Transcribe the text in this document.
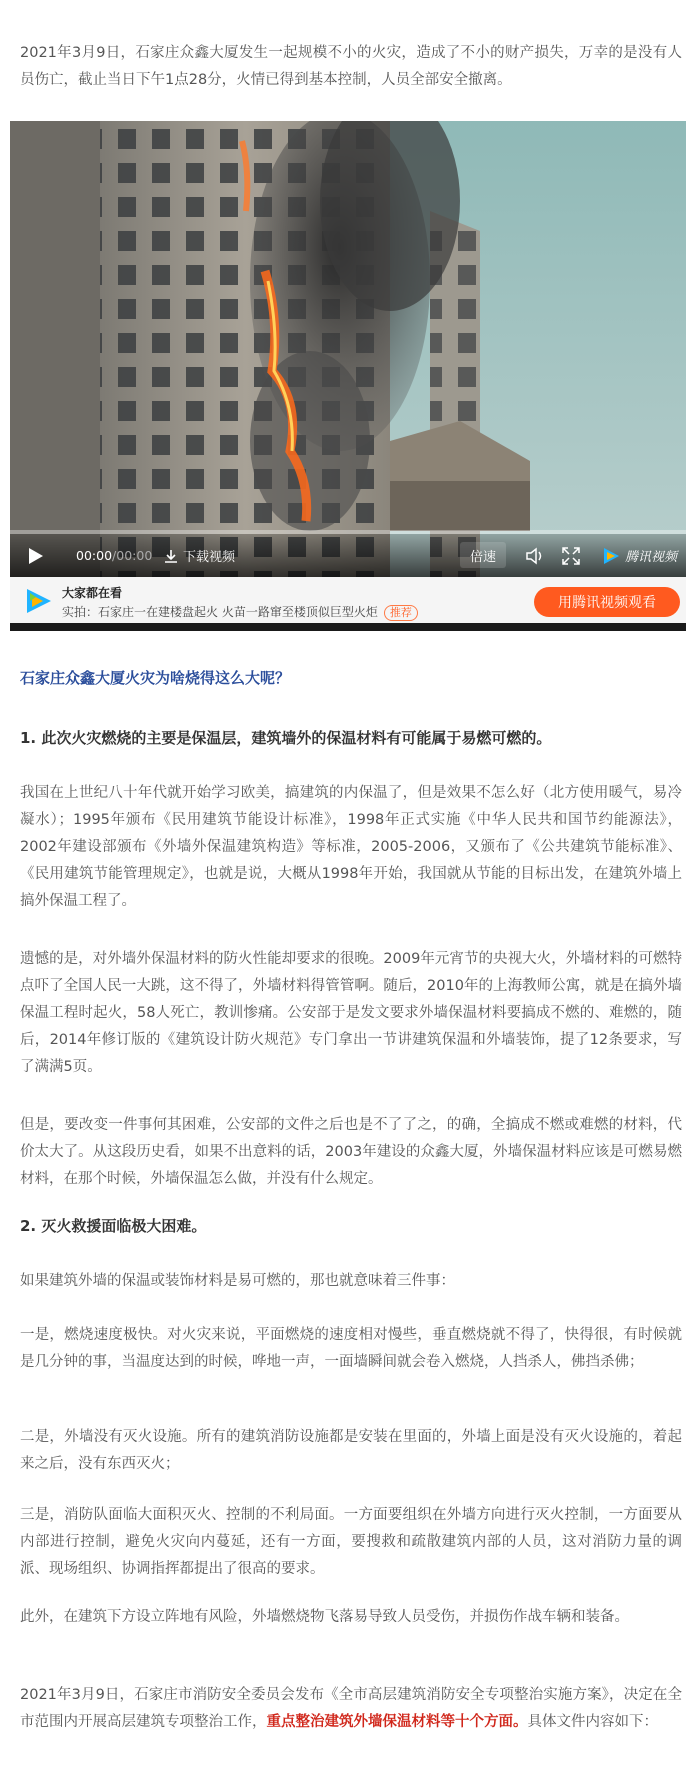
2021年3月9日，石家庄众鑫大厦发生一起规模不小的火灾，造成了不小的财产损失，万幸的是没有人员伤亡，截止当日下午1点28分，火情已得到基本控制，人员全部安全撤离。

00:00 /00:00 下载视频	倍速	腾讯视频
大家都在看
实拍：石家庄一在建楼盘起火 火苗一路窜至楼顶似巨型火炬 推荐
用腾讯视频观看
石家庄众鑫大厦火灾为啥烧得这么大呢？
1. 此次火灾燃烧的主要是保温层，建筑墙外的保温材料有可能属于易燃可燃的。

我国在上世纪八十年代就开始学习欧美，搞建筑的内保温了，但是效果不怎么好（北方使用暖气，易冷凝水）；1995年颁布《民用建筑节能设计标准》，1998年正式实施《中华人民共和国节约能源法》，2002年建设部颁布《外墙外保温建筑构造》等标准，2005-2006，又颁布了《公共建筑节能标准》、《民用建筑节能管理规定》，也就是说，大概从1998年开始，我国就从节能的目标出发，在建筑外墙上搞外保温工程了。

遗憾的是，对外墙外保温材料的防火性能却要求的很晚。2009年元宵节的央视大火，外墙材料的可燃特点吓了全国人民一大跳，这不得了，外墙材料得管管啊。随后，2010年的上海教师公寓，就是在搞外墙保温工程时起火，58人死亡，教训惨痛。公安部于是发文要求外墙保温材料要搞成不燃的、难燃的，随后，2014年修订版的《建筑设计防火规范》专门拿出一节讲建筑保温和外墙装饰，提了12条要求，写了满满5页。

但是，要改变一件事何其困难，公安部的文件之后也是不了了之，的确，全搞成不燃或难燃的材料，代价太大了。从这段历史看，如果不出意料的话，2003年建设的众鑫大厦，外墙保温材料应该是可燃易燃材料，在那个时候，外墙保温怎么做，并没有什么规定。

2. 灭火救援面临极大困难。

如果建筑外墙的保温或装饰材料是易可燃的，那也就意味着三件事：

一是，燃烧速度极快。对火灾来说，平面燃烧的速度相对慢些，垂直燃烧就不得了，快得很，有时候就是几分钟的事，当温度达到的时候，哗地一声，一面墙瞬间就会卷入燃烧，人挡杀人，佛挡杀佛；

二是，外墙没有灭火设施。所有的建筑消防设施都是安装在里面的，外墙上面是没有灭火设施的，着起来之后，没有东西灭火；

三是，消防队面临大面积灭火、控制的不利局面。一方面要组织在外墙方向进行灭火控制，一方面要从内部进行控制，避免火灾向内蔓延，还有一方面，要搜救和疏散建筑内部的人员，这对消防力量的调派、现场组织、协调指挥都提出了很高的要求。

此外，在建筑下方设立阵地有风险，外墙燃烧物飞落易导致人员受伤，并损伤作战车辆和装备。

2021年3月9日，石家庄市消防安全委员会发布《全市高层建筑消防安全专项整治实施方案》，决定在全市范围内开展高层建筑专项整治工作，重点整治建筑外墙保温材料等十个方面。具体文件内容如下：
